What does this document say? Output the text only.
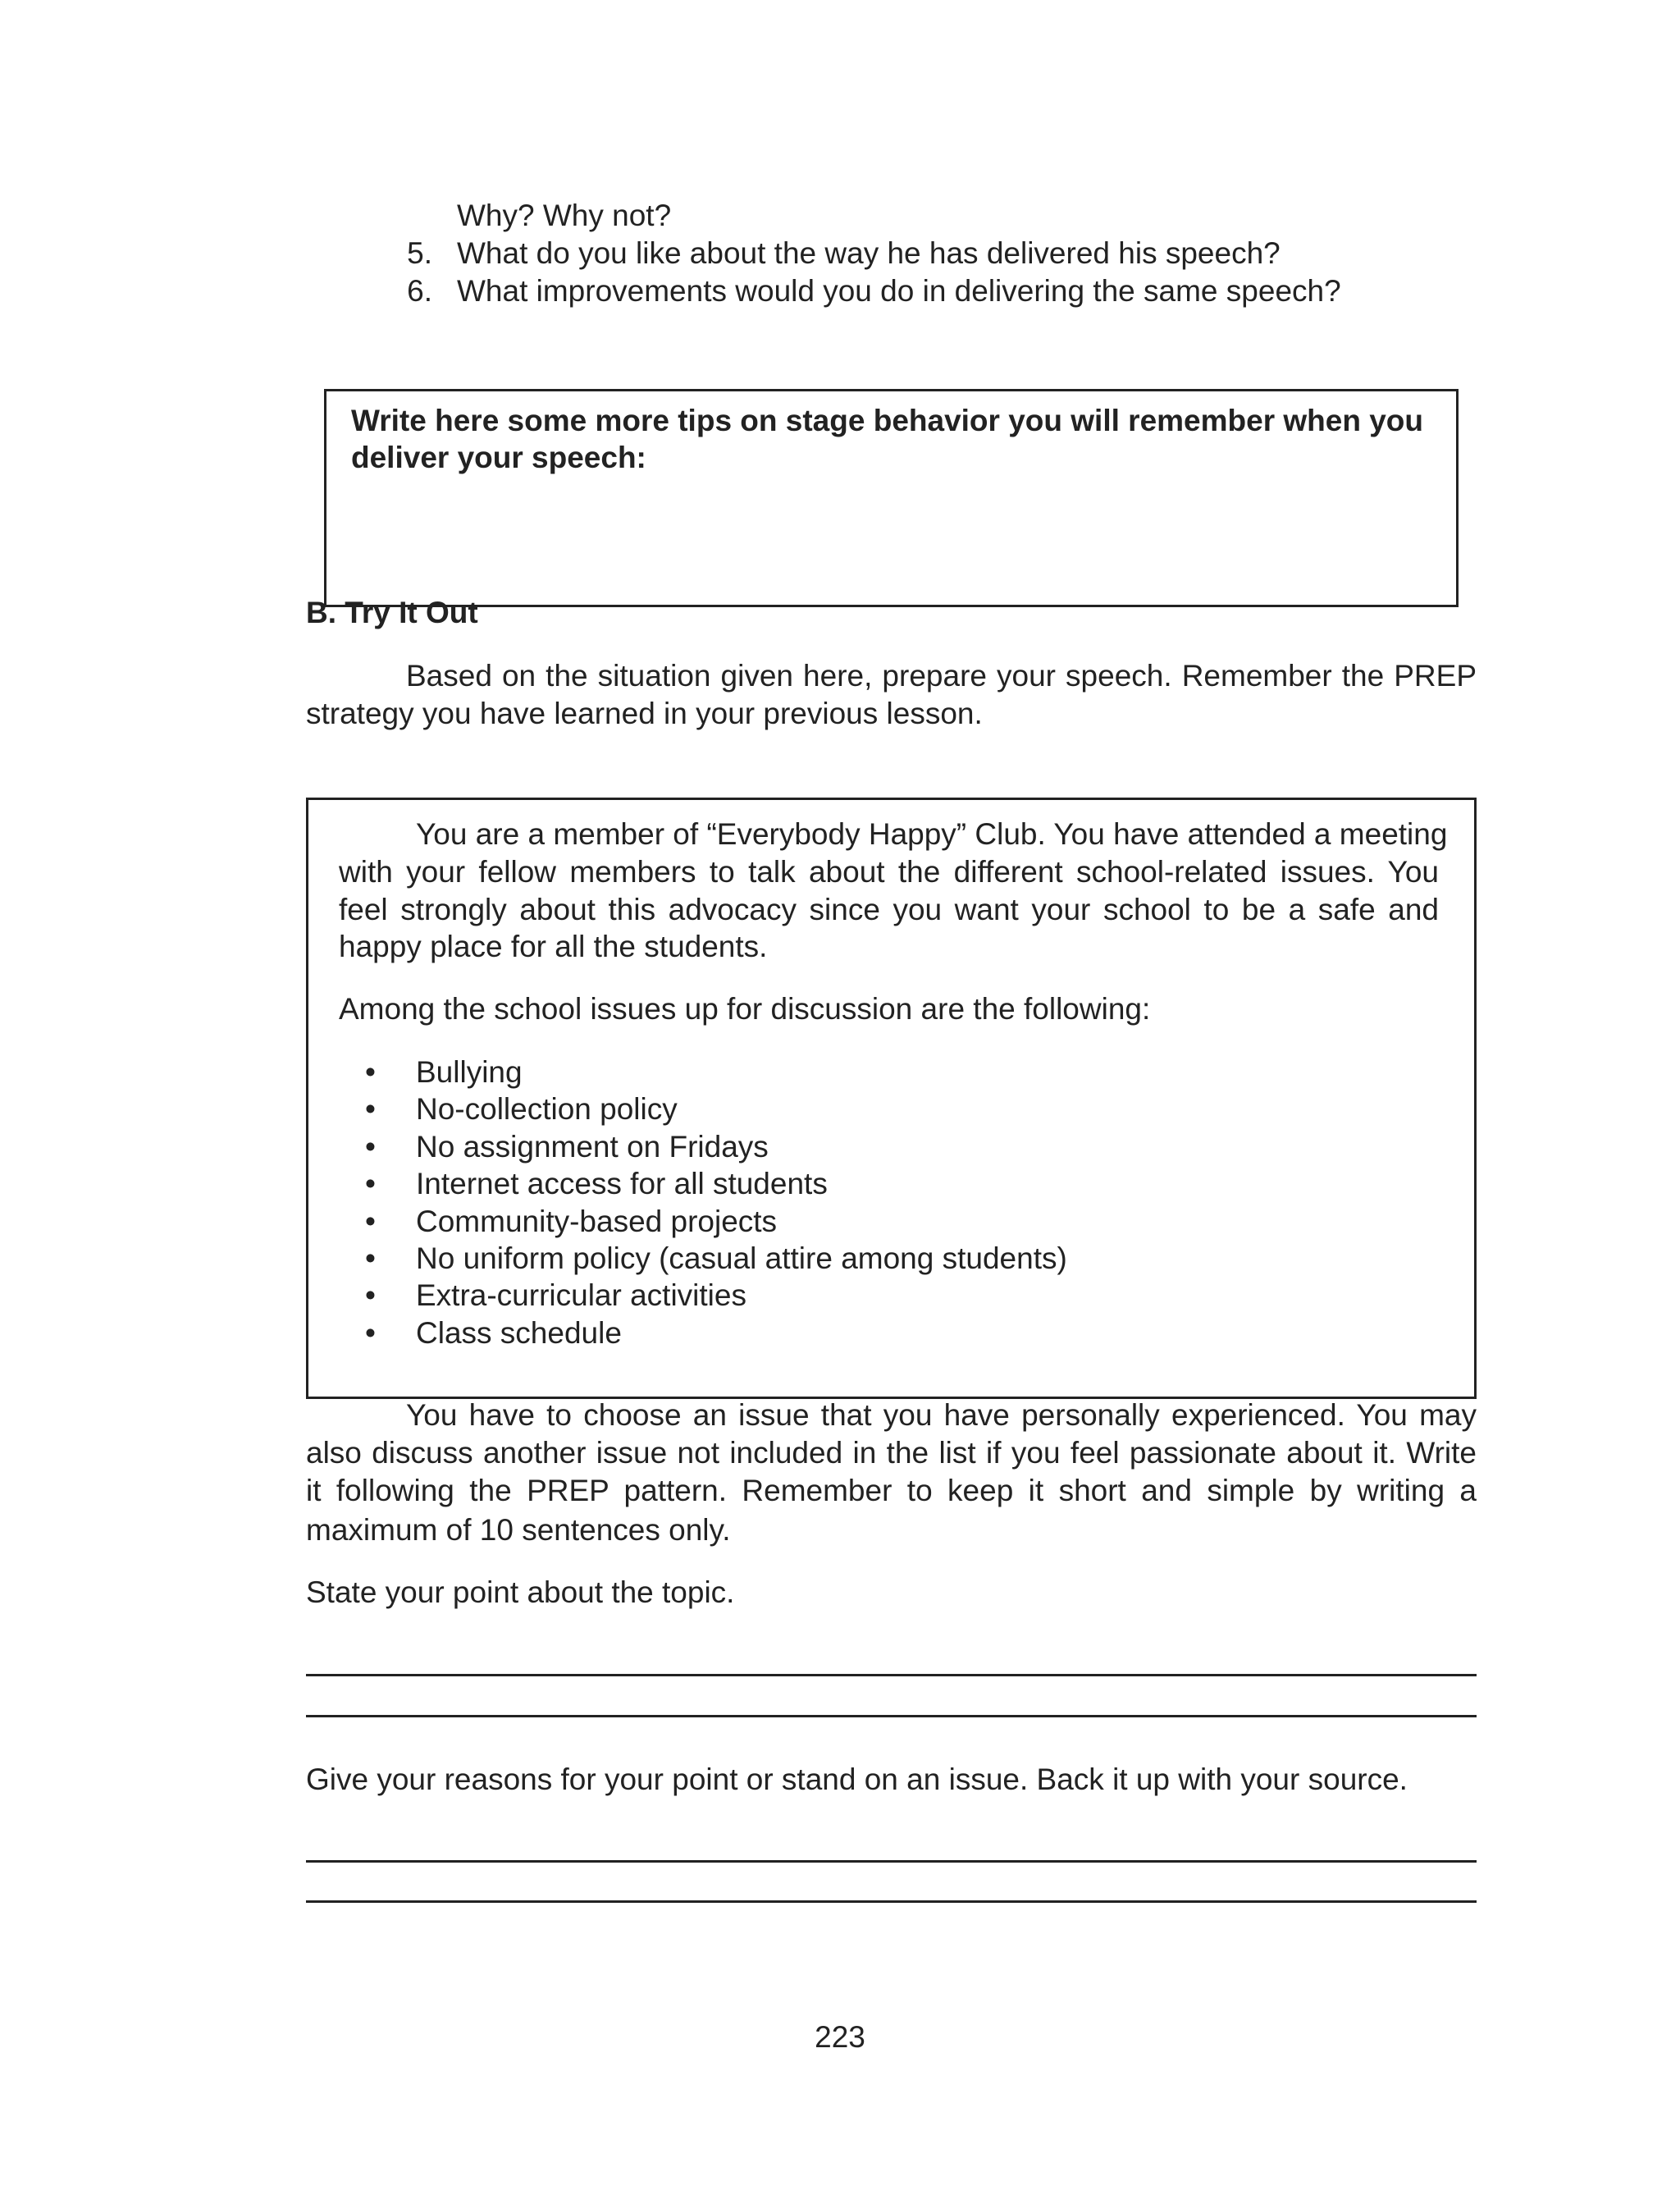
Why? Why not?
5. What do you like about the way he has delivered his speech?
6. What improvements would you do in delivering the same speech?
Write here some more tips on stage behavior you will remember when you
deliver your speech:
B. Try It Out
Based on the situation given here, prepare your speech. Remember the PREP
strategy you have learned in your previous lesson.
You are a member of “Everybody Happy” Club. You have attended a meeting
with your fellow members to talk about the different school-related issues. You
feel strongly about this advocacy since you want your school to be a safe and
happy place for all the students.
Among the school issues up for discussion are the following:
• Bullying
• No-collection policy
• No assignment on Fridays
• Internet access for all students
• Community-based projects
• No uniform policy (casual attire among students)
• Extra-curricular activities
• Class schedule
You have to choose an issue that you have personally experienced. You may
also discuss another issue not included in the list if you feel passionate about it. Write
it following the PREP pattern. Remember to keep it short and simple by writing a
maximum of 10 sentences only.
State your point about the topic.
Give your reasons for your point or stand on an issue. Back it up with your source.
223
